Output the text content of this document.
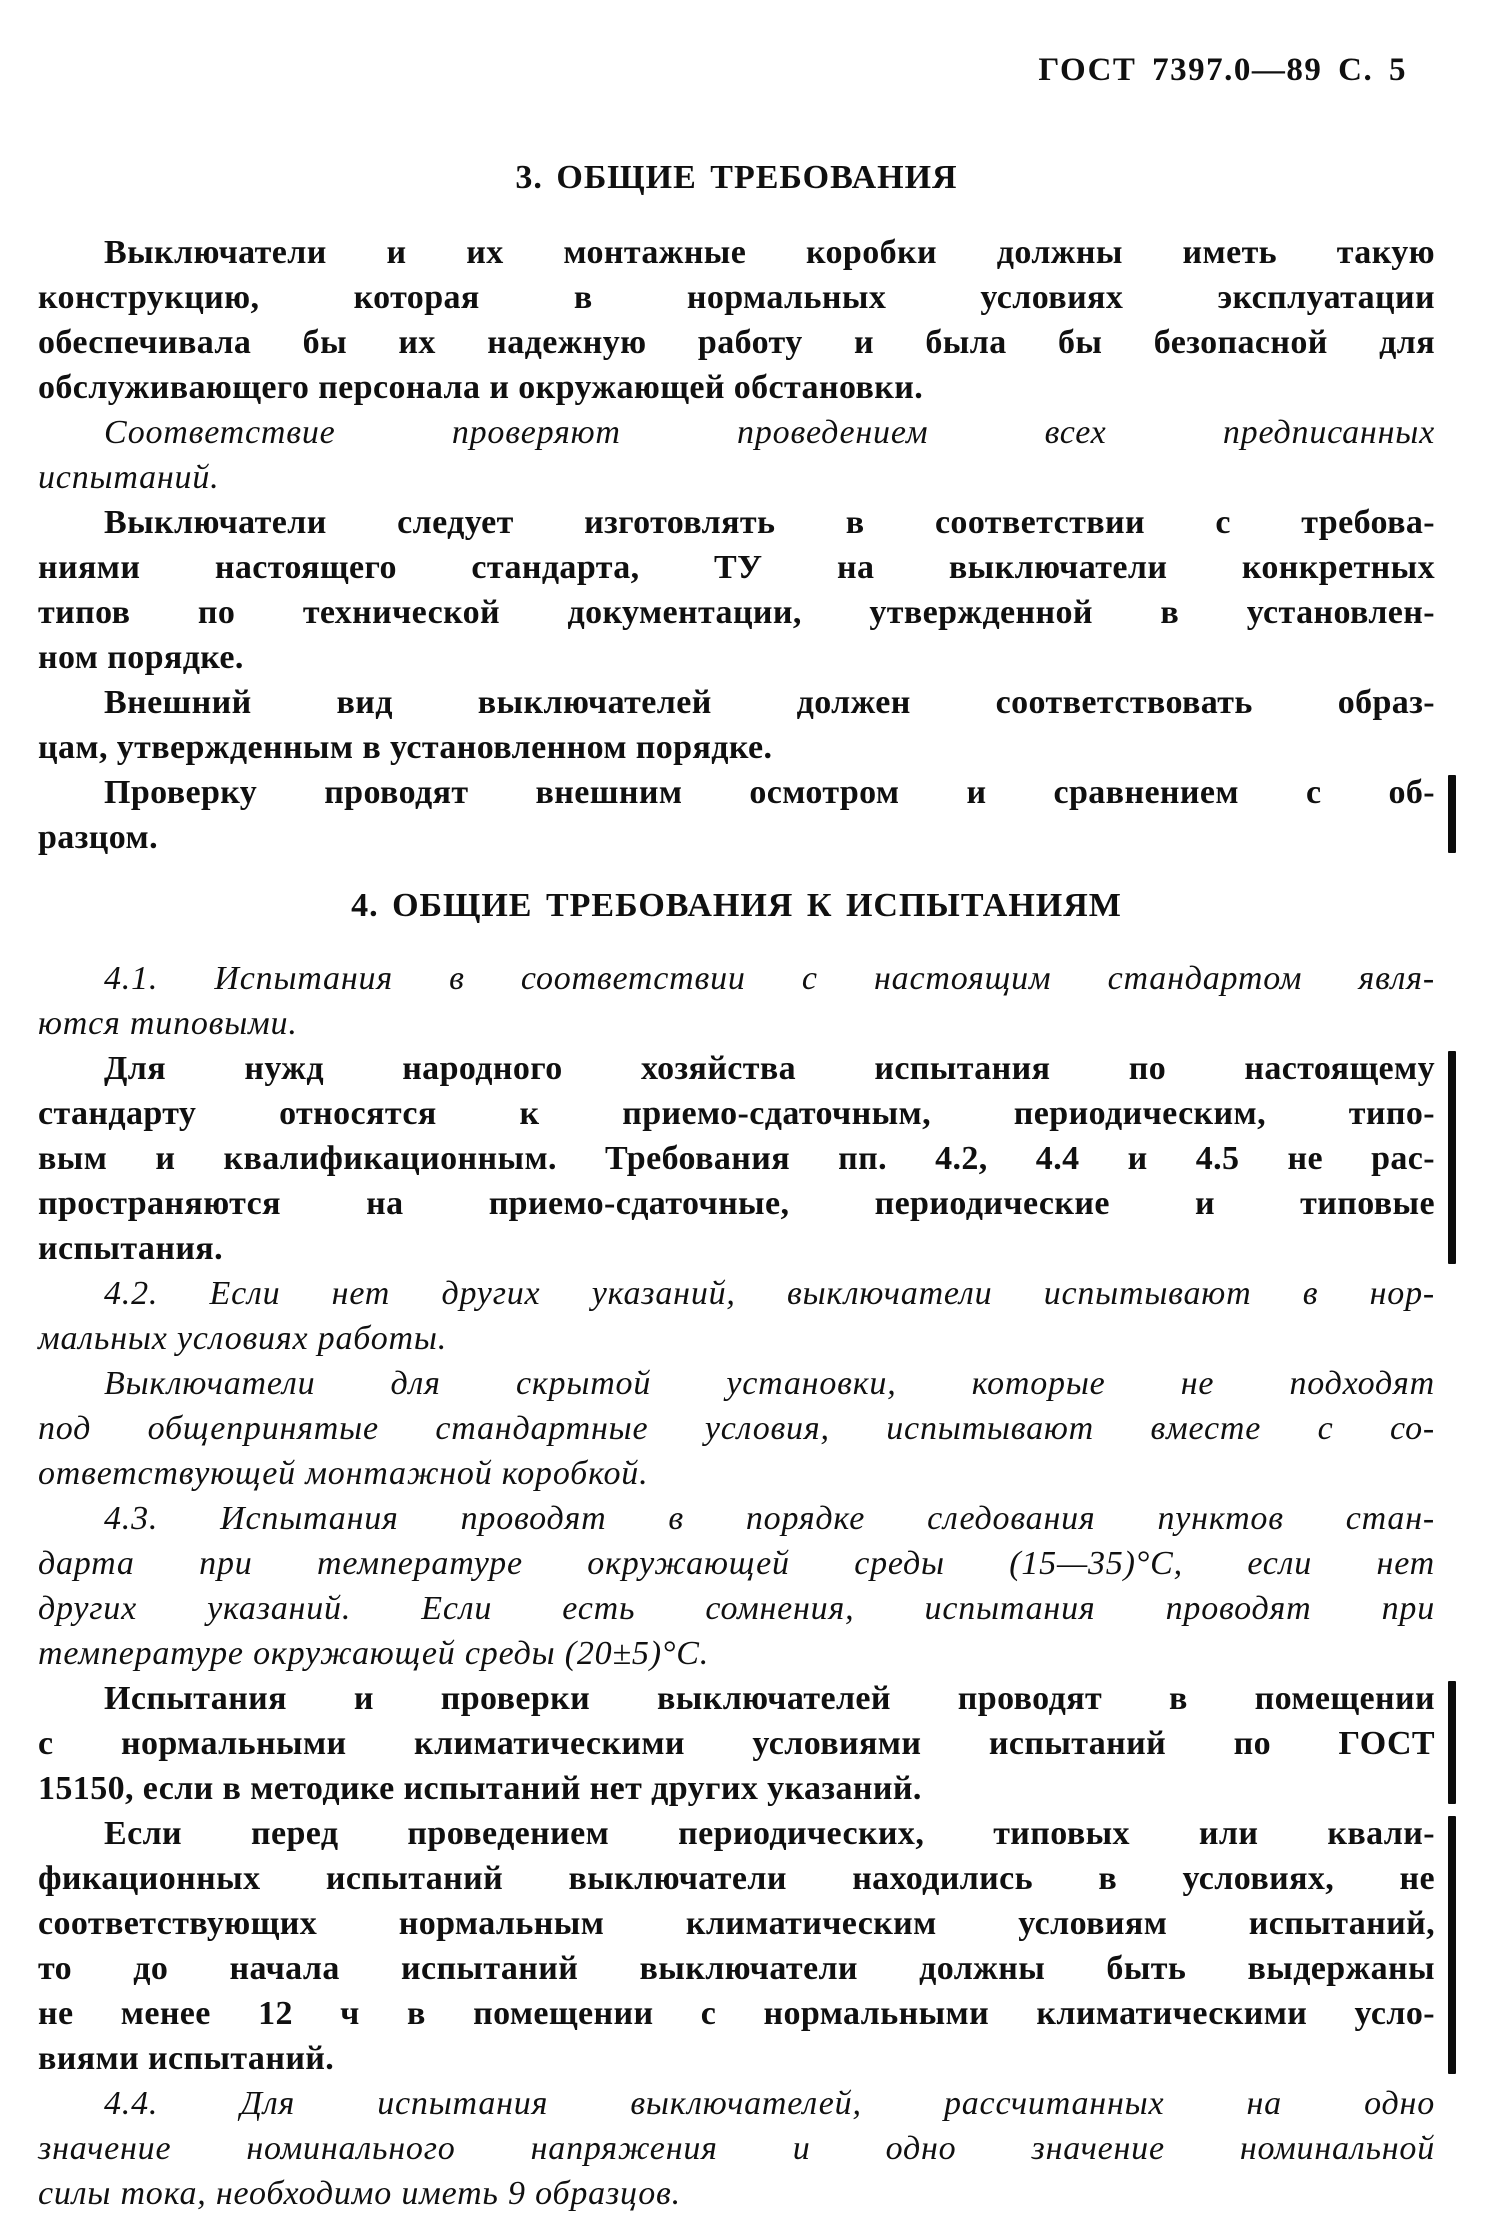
ГОСТ 7397.0—89 С. 5
3. ОБЩИЕ ТРЕБОВАНИЯ
Выключатели и их монтажные коробки должны иметь такую
конструкцию, которая в нормальных условиях эксплуатации
обеспечивала бы их надежную работу и была бы безопасной для
обслуживающего персонала и окружающей обстановки.
Соответствие проверяют проведением всех предписанных
испытаний.
Выключатели следует изготовлять в соответствии с требова-
ниями настоящего стандарта, ТУ на выключатели конкретных
типов по технической документации, утвержденной в установлен-
ном порядке.
Внешний вид выключателей должен соответствовать образ-
цам, утвержденным в установленном порядке.
Проверку проводят внешним осмотром и сравнением с об-
разцом.
4. ОБЩИЕ ТРЕБОВАНИЯ К ИСПЫТАНИЯМ
4.1. Испытания в соответствии с настоящим стандартом явля-
ются типовыми.
Для нужд народного хозяйства испытания по настоящему
стандарту относятся к приемо-сдаточным, периодическим, типо-
вым и квалификационным. Требования пп. 4.2, 4.4 и 4.5 не рас-
пространяются на приемо-сдаточные, периодические и типовые
испытания.
4.2. Если нет других указаний, выключатели испытывают в нор-
мальных условиях работы.
Выключатели для скрытой установки, которые не подходят
под общепринятые стандартные условия, испытывают вместе с со-
ответствующей монтажной коробкой.
4.3. Испытания проводят в порядке следования пунктов стан-
дарта при температуре окружающей среды (15—35)°С, если нет
других указаний. Если есть сомнения, испытания проводят при
температуре окружающей среды (20±5)°С.
Испытания и проверки выключателей проводят в помещении
с нормальными климатическими условиями испытаний по ГОСТ
15150, если в методике испытаний нет других указаний.
Если перед проведением периодических, типовых или квали-
фикационных испытаний выключатели находились в условиях, не
соответствующих нормальным климатическим условиям испытаний,
то до начала испытаний выключатели должны быть выдержаны
не менее 12 ч в помещении с нормальными климатическими усло-
виями испытаний.
4.4. Для испытания выключателей, рассчитанных на одно
значение номинального напряжения и одно значение номинальной
силы тока, необходимо иметь 9 образцов.
